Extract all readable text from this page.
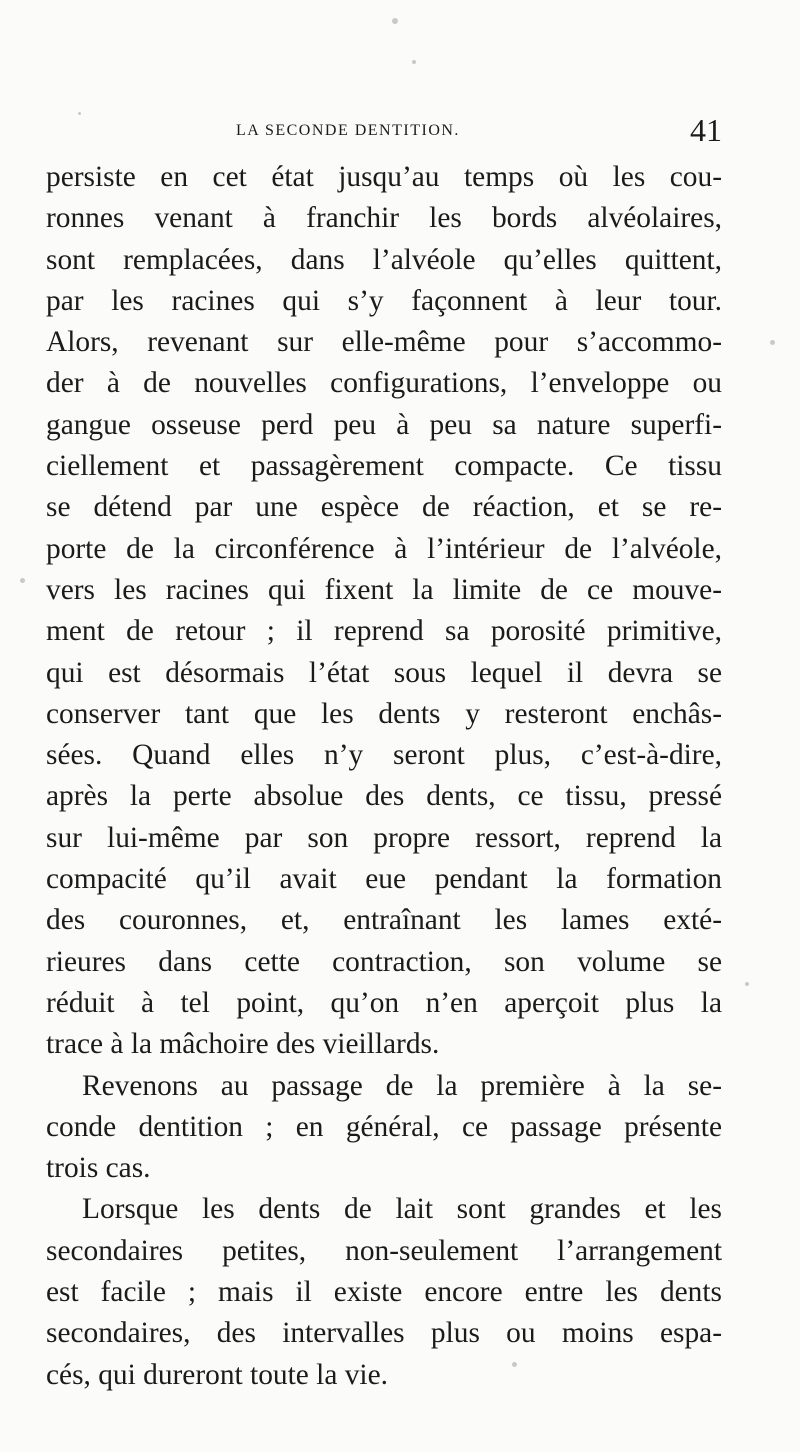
LA SECONDE DENTITION.	41
persiste en cet état jusqu’au temps où les cou-
ronnes venant à franchir les bords alvéolaires,
sont remplacées, dans l’alvéole qu’elles quittent,
par les racines qui s’y façonnent à leur tour.
Alors, revenant sur elle-même pour s’accommo-
der à de nouvelles configurations, l’enveloppe ou
gangue osseuse perd peu à peu sa nature superfi-
ciellement et passagèrement compacte. Ce tissu
se détend par une espèce de réaction, et se re-
porte de la circonférence à l’intérieur de l’alvéole,
vers les racines qui fixent la limite de ce mouve-
ment de retour ; il reprend sa porosité primitive,
qui est désormais l’état sous lequel il devra se
conserver tant que les dents y resteront enchâs-
sées. Quand elles n’y seront plus, c’est-à-dire,
après la perte absolue des dents, ce tissu, pressé
sur lui-même par son propre ressort, reprend la
compacité qu’il avait eue pendant la formation
des couronnes, et, entraînant les lames exté-
rieures dans cette contraction, son volume se
réduit à tel point, qu’on n’en aperçoit plus la
trace à la mâchoire des vieillards.
Revenons au passage de la première à la se-
conde dentition ; en général, ce passage présente
trois cas.
Lorsque les dents de lait sont grandes et les
secondaires petites, non-seulement l’arrangement
est facile ; mais il existe encore entre les dents
secondaires, des intervalles plus ou moins espa-
cés, qui dureront toute la vie.
